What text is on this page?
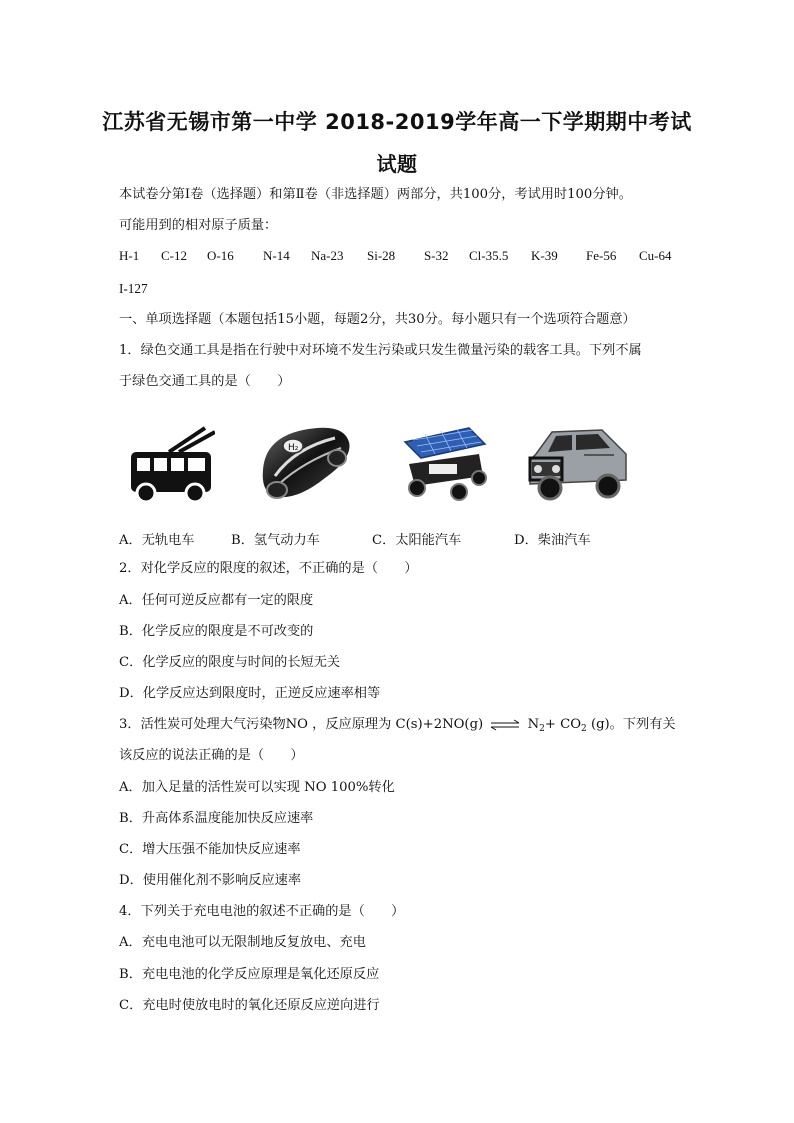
江苏省无锡市第一中学 2018-2019学年高一下学期期中考试
试题
本试卷分第Ⅰ卷（选择题）和第Ⅱ卷（非选择题）两部分，共100分，考试用时100分钟。
可能用到的相对原子质量：
H-1 C-12 O-16 N-14 Na-23 Si-28 S-32 Cl-35.5 K-39 Fe-56 Cu-64
I-127
一、单项选择题（本题包括15小题，每题2分，共30分。每小题只有一个选项符合题意）
1．绿色交通工具是指在行驶中对环境不发生污染或只发生微量污染的载客工具。下列不属
于绿色交通工具的是（　　）
H₂
A．无轨电车	B．氢气动力车	C．太阳能汽车	D．柴油汽车
2．对化学反应的限度的叙述，不正确的是（　　）
A．任何可逆反应都有一定的限度
B．化学反应的限度是不可改变的
C．化学反应的限度与时间的长短无关
D．化学反应达到限度时，正逆反应速率相等
3．活性炭可处理大气污染物NO ，反应原理为 C(s)+2NO(g) ⇌ $N_2+ CO_2$ (g)。下列有关
该反应的说法正确的是（　　）
A．加入足量的活性炭可以实现 NO 100%转化
B．升高体系温度能加快反应速率
C．增大压强不能加快反应速率
D．使用催化剂不影响反应速率
4．下列关于充电电池的叙述不正确的是（　　）
A．充电电池可以无限制地反复放电、充电
B．充电电池的化学反应原理是氧化还原反应
C．充电时使放电时的氧化还原反应逆向进行
